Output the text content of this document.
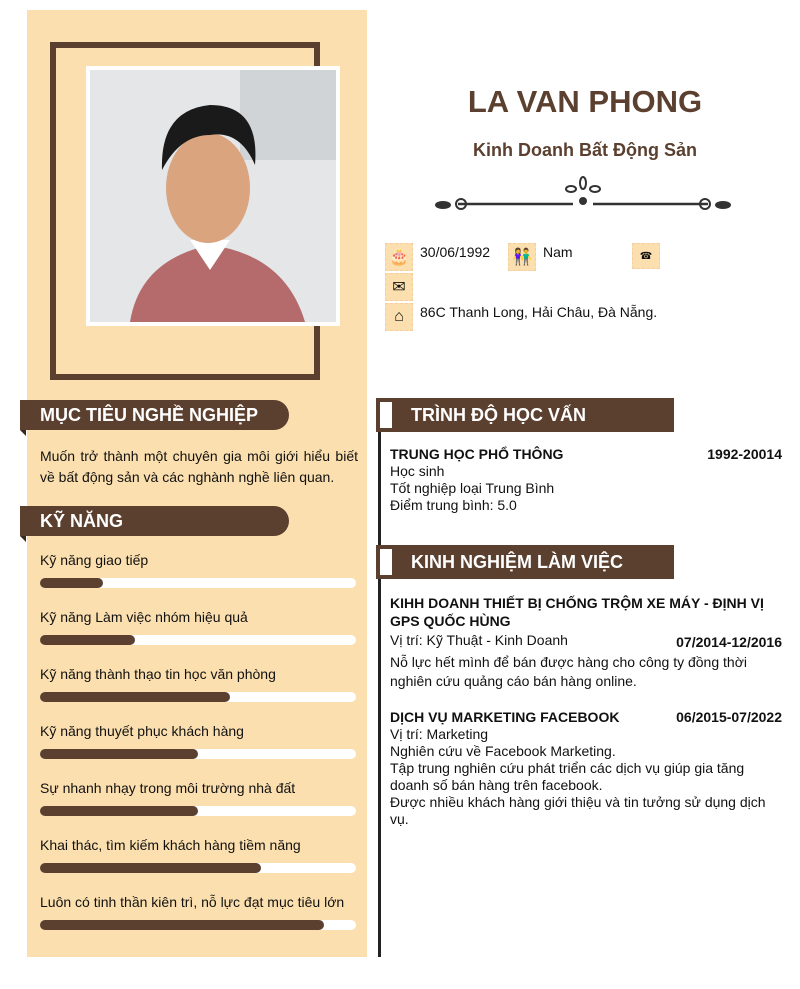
LA VAN PHONG
Kinh Doanh Bất Động Sản
🎂 30/06/1992 👫 Nam	☎
✉
⌂	86C Thanh Long, Hải Châu, Đà Nẵng.
MỤC TIÊU NGHỀ NGHIỆP
Muốn trở thành một chuyên gia môi giới hiểu biết về bất động sản và các nghành nghề liên quan.
KỸ NĂNG
Kỹ năng giao tiếp
Kỹ năng Làm việc nhóm hiệu quả
Kỹ năng thành thạo tin học văn phòng
Kỹ năng thuyết phục khách hàng
Sự nhanh nhạy trong môi trường nhà đất
Khai thác, tìm kiếm khách hàng tiềm năng
Luôn có tinh thần kiên trì, nỗ lực đạt mục tiêu lớn
TRÌNH ĐỘ HỌC VẤN
TRUNG HỌC PHỔ THÔNG	1992-20014
Học sinh
Tốt nghiệp loại Trung Bình
Điểm trung bình: 5.0
KINH NGHIỆM LÀM VIỆC
KIHH DOANH THIẾT BỊ CHỐNG TRỘM XE MÁY - ĐỊNH VỊ GPS QUỐC HÙNG
Vị trí: Kỹ Thuật - Kinh Doanh	07/2014-12/2016
Nỗ lực hết mình để bán được hàng cho công ty đồng thời nghiên cứu quảng cáo bán hàng online.
DỊCH VỤ MARKETING FACEBOOK	06/2015-07/2022
Vị trí: Marketing
Nghiên cứu về Facebook Marketing.
Tập trung nghiên cứu phát triển các dịch vụ giúp gia tăng doanh số bán hàng trên facebook.
Được nhiều khách hàng giới thiệu và tin tưởng sử dụng dịch vụ.
